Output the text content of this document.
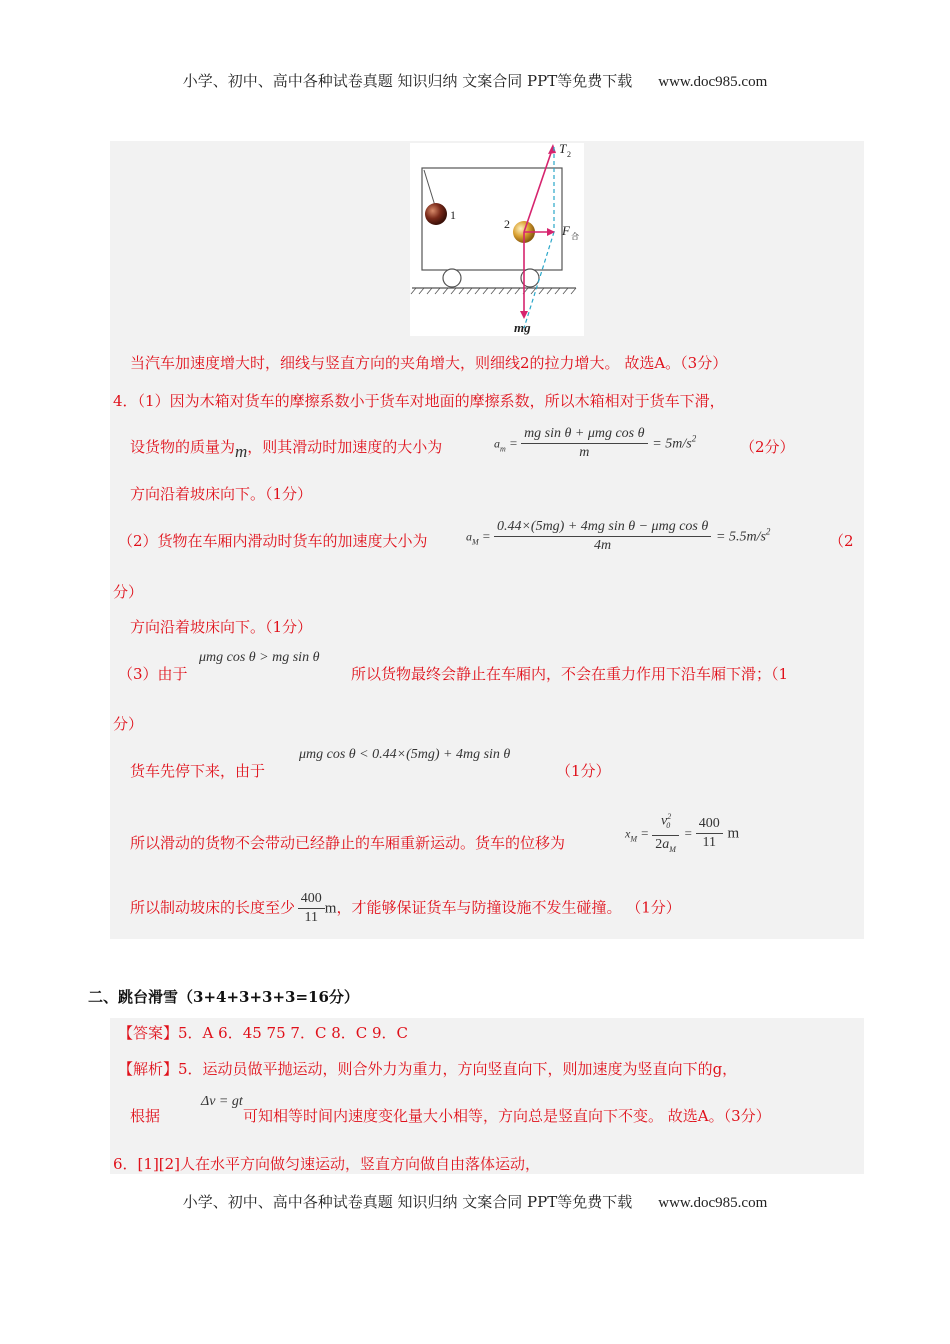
小学、初中、高中各种试卷真题 知识归纳 文案合同 PPT等免费下载 www.doc985.com
1
2
T 2
F 合
mg
当汽车加速度增大时，细线与竖直方向的夹角增大，则细线2的拉力增大。 故选A。（3分）
4．（1）因为木箱对货车的摩擦系数小于货车对地面的摩擦系数，所以木箱相对于货车下滑，
设货物的质量为m，则其滑动时加速度的大小为	$a_m = \frac{\text{mg sin θ + μmg cos θ}}{m} = 5m/s^2$	（2分）
方向沿着坡床向下。（1分）
（2）货物在车厢内滑动时货车的加速度大小为	$a_M = \frac{\text{0.44×(5mg) + 4mg sin θ − μmg cos θ}}{4m} = 5.5m/s^2$
（2
分）
方向沿着坡床向下。（1分）
（3）由于
μmg cos θ > mg sin θ
所以货物最终会静止在车厢内，不会在重力作用下沿车厢下滑；（1
分）
货车先停下来，由于
μmg cos θ < 0.44×(5mg) + 4mg sin θ
（1分）
所以滑动的货物不会带动已经静止的车厢重新运动。货车的位移为
$x_M = \frac{v^2_0}{2a_M} = \frac{400}{11}$ m
所以制动坡床的长度至少 $\frac{400}{11}$ m，才能够保证货车与防撞设施不发生碰撞。 （1分）
二、跳台滑雪（3+4+3+3+3=16分）
【答案】5．A 6．45 75 7．C 8．C 9．C
【解析】5．运动员做平抛运动，则合外力为重力，方向竖直向下，则加速度为竖直向下的g，
根据
Δv = gt
可知相等时间内速度变化量大小相等，方向总是竖直向下不变。 故选A。（3分）
6．[1][2]人在水平方向做匀速运动，竖直方向做自由落体运动，
小学、初中、高中各种试卷真题 知识归纳 文案合同 PPT等免费下载 www.doc985.com
